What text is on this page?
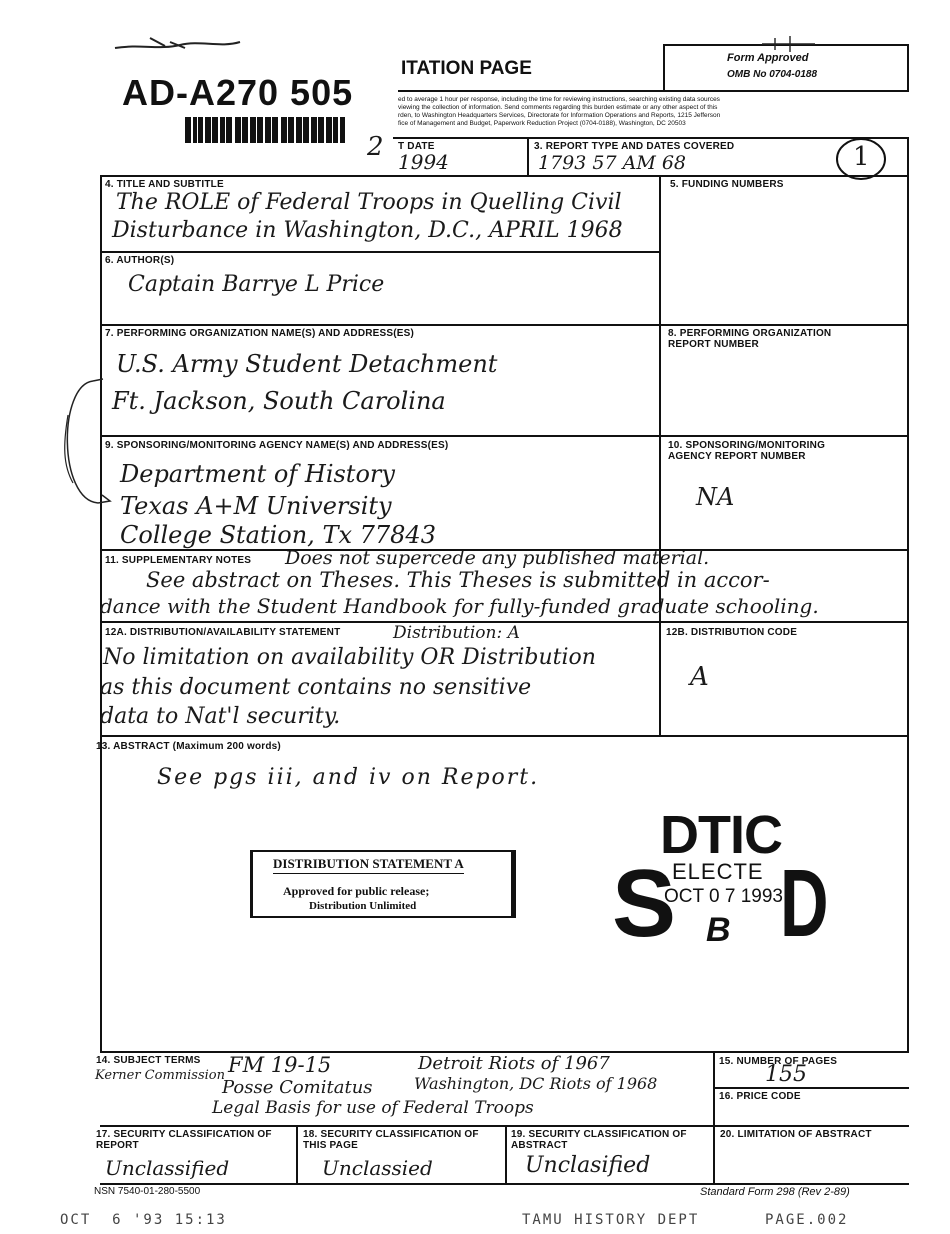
AD-A270 505
ITATION PAGE	Form Approved
OMB No 0704-0188
ed to average 1 hour per response, including the time for reviewing instructions, searching existing data sources
viewing the collection of information. Send comments regarding this burden estimate or any other aspect of this
rden, to Washington Headquarters Services, Directorate for Information Operations and Reports, 1215 Jefferson
fice of Management and Budget, Paperwork Reduction Project (0704-0188), Washington, DC 20503
2 T DATE
1994
3. REPORT TYPE AND DATES COVERED
1793 57 AM 68	1
4. TITLE AND SUBTITLE
The ROLE of Federal Troops in Quelling Civil
Disturbance in Washington, D.C., APRIL 1968
5. FUNDING NUMBERS
6. AUTHOR(S)
Captain Barrye L Price
7. PERFORMING ORGANIZATION NAME(S) AND ADDRESS(ES)
U.S. Army Student Detachment
Ft. Jackson, South Carolina
8. PERFORMING ORGANIZATION REPORT NUMBER
9. SPONSORING/MONITORING AGENCY NAME(S) AND ADDRESS(ES)
Department of History
Texas A+M University
College Station, Tx 77843
10. SPONSORING/MONITORING AGENCY REPORT NUMBER
NA
11. SUPPLEMENTARY NOTES Does not supercede any published material.
See abstract on Theses. This Theses is submitted in accor-
dance with the Student Handbook for fully-funded graduate schooling.
12A. DISTRIBUTION/AVAILABILITY STATEMENT	Distribution: A
No limitation on availability OR Distribution
as this document contains no sensitive
data to Nat'l security.
12B. DISTRIBUTION CODE
A
13. ABSTRACT (Maximum 200 words)
See pgs iii, and iv on Report.
DISTRIBUTION STATEMENT A
Approved for public release;
Distribution Unlimited
DTIC
ELECTE
OCT 0 7 1993
S D
B
14. SUBJECT TERMS
Kerner Commission FM 19-15	Detroit Riots of 1967
Posse Comitatus	Washington, DC Riots of 1968
Legal Basis for use of Federal Troops
15. NUMBER OF PAGES
155
16. PRICE CODE
17. SECURITY CLASSIFICATION OF REPORT
Unclassified
18. SECURITY CLASSIFICATION OF THIS PAGE
Unclassied
19. SECURITY CLASSIFICATION OF ABSTRACT
Unclasified
20. LIMITATION OF ABSTRACT
NSN 7540-01-280-5500	Standard Form 298 (Rev 2-89)
OCT  6 '93 15:13	TAMU HISTORY DEPT	PAGE.002
